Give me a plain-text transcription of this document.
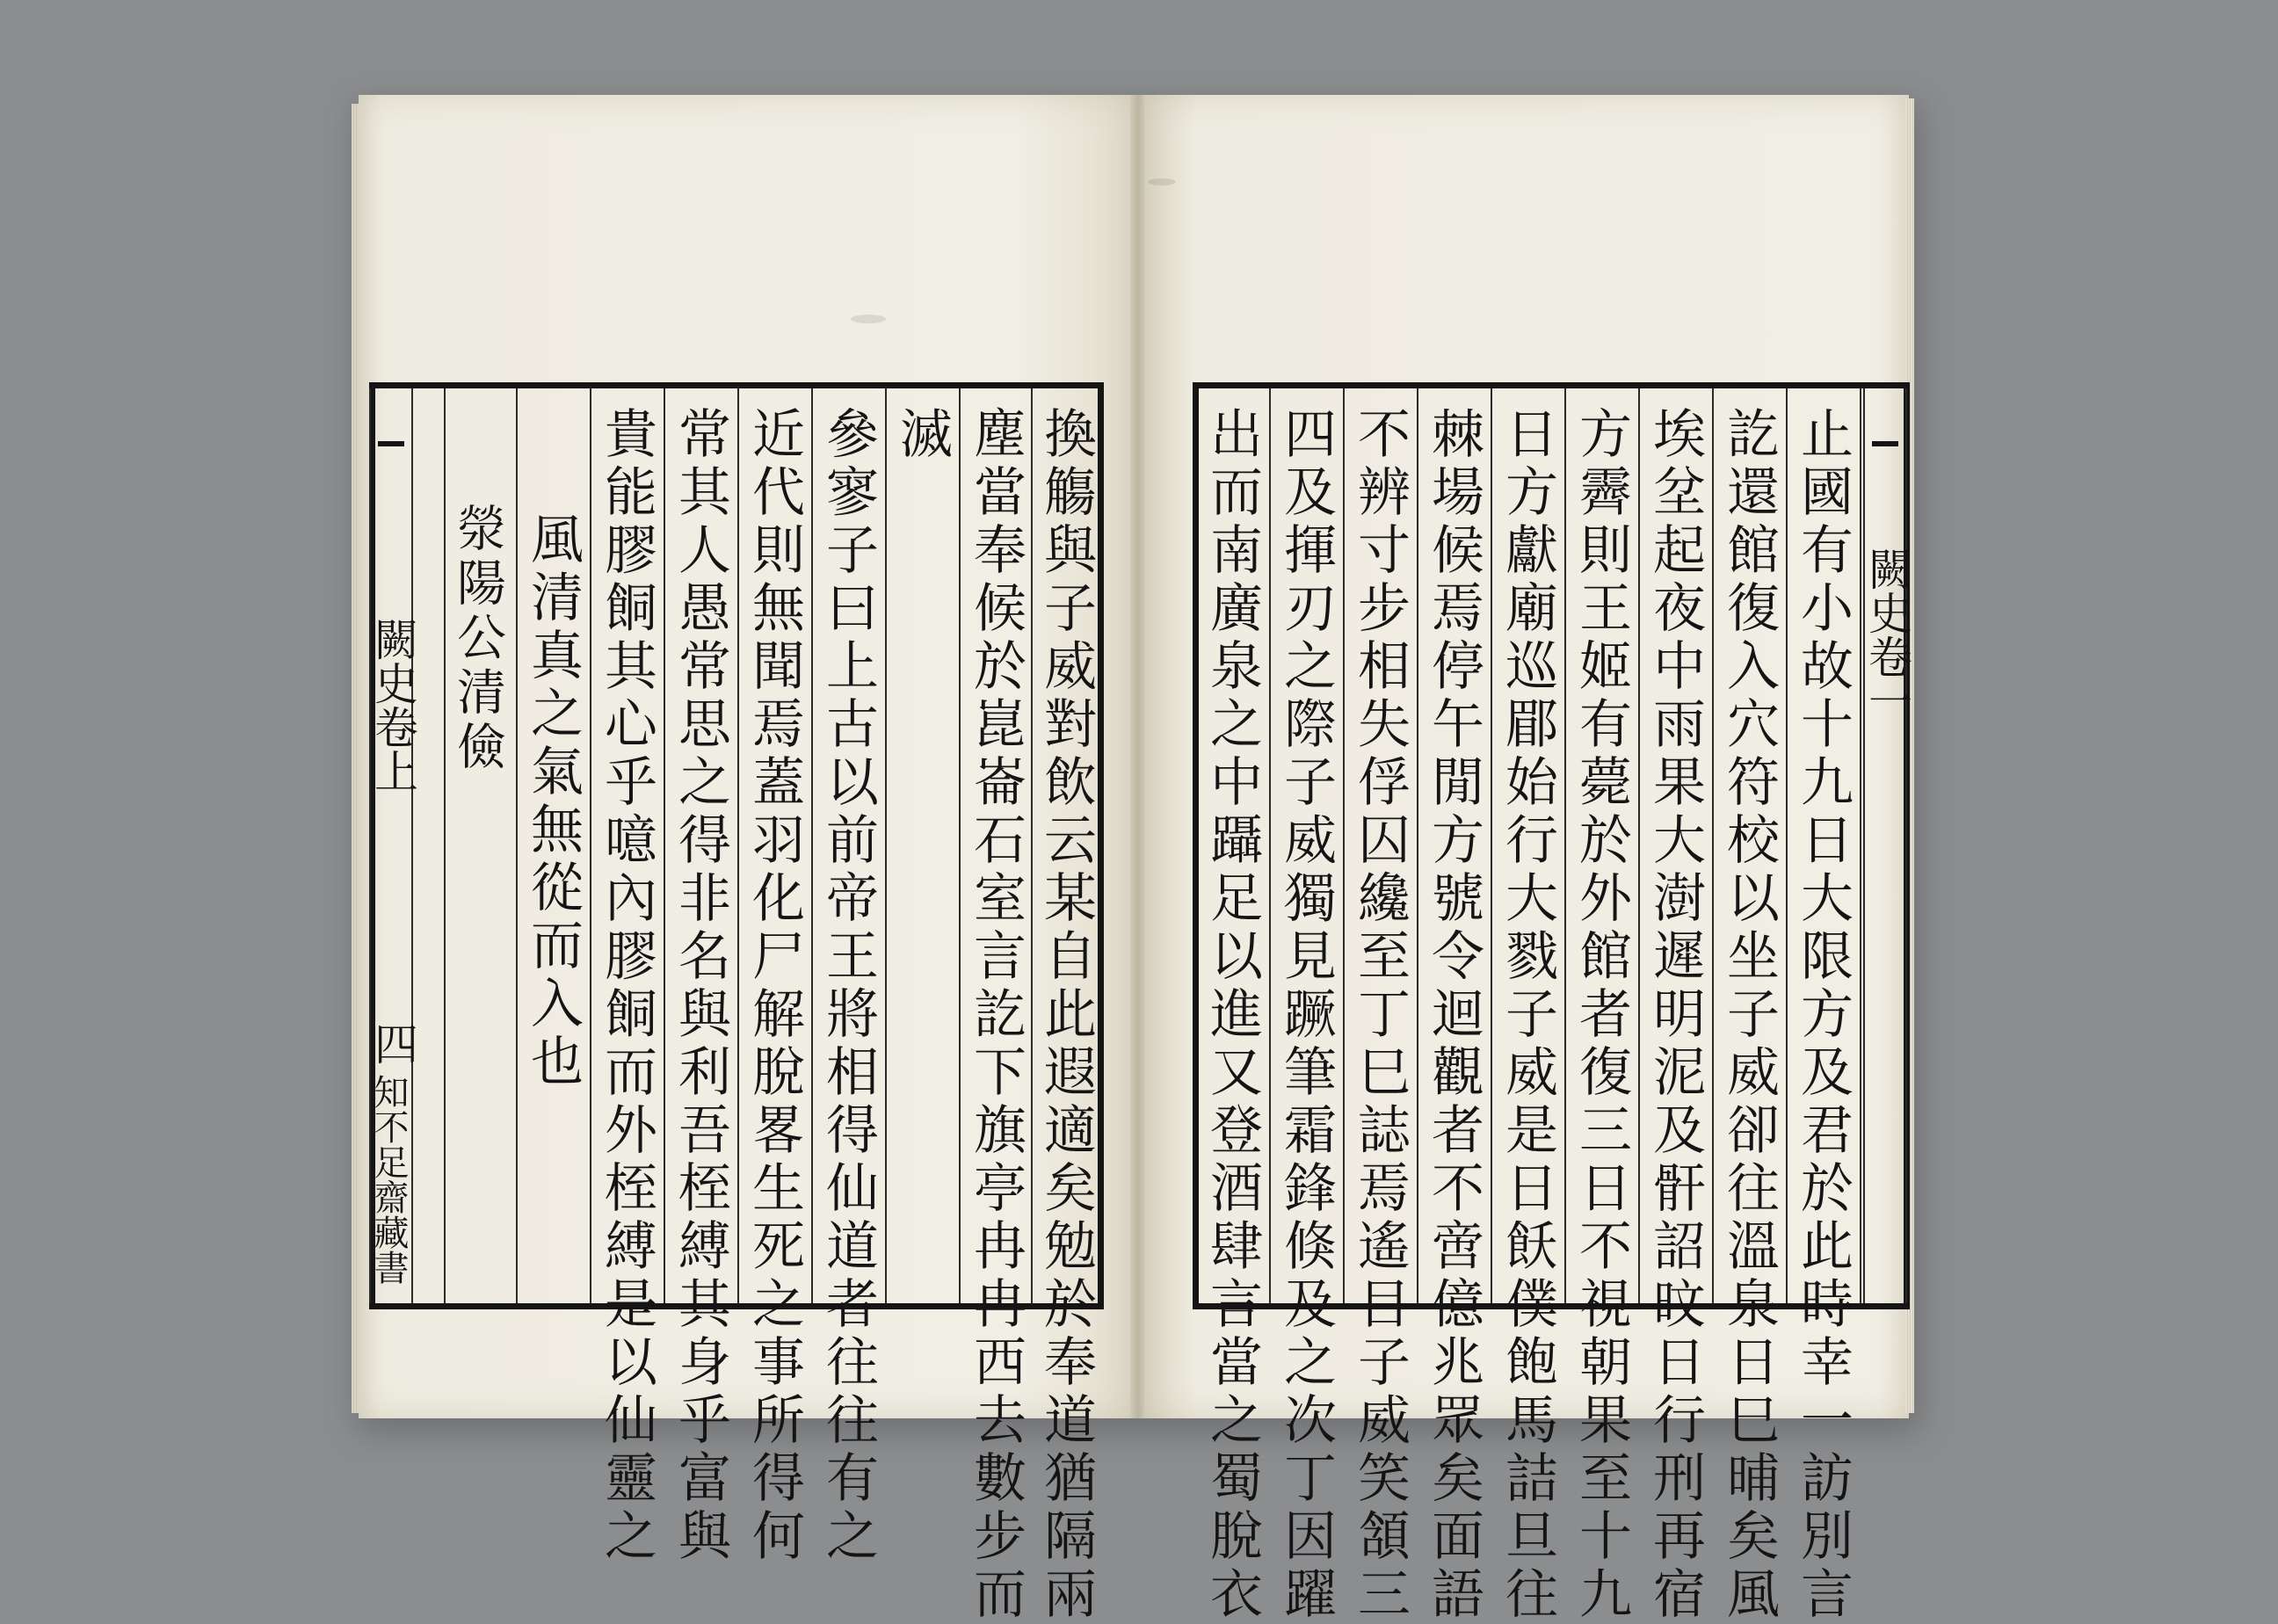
闕史卷上
四
知不足齋藏書
滎陽公清儉 風清真之氣無從而入也 貴能膠餇其心乎噫內膠餇而外桎縛是以仙靈之 常其人愚常思之得非名與利吾桎縛其身乎富與 近代則無聞焉蓋羽化尸解脫畧生死之事所得何 參寥子曰上古以前帝王將相得仙道者往往有之 滅 塵當奉候於崑崙石室言訖下旗亭冉冉西去數步而 換觴與子威對飲云某自此遐適矣勉於奉道猶隔兩 出而南廣泉之中躡足以進又登酒肆言當之蜀脫衣 四及揮刃之際子威獨見蹶筆霜鋒倏及之次丁因躍 不辨寸步相失俘囚纔至丁巳誌焉遙目子威笑頷三 棘場候焉停午閒方號令迴觀者不啻億兆眾矣面語 日方獻廟巡郿始行大戮子威是日飫僕飽馬詰旦往 方霽則王姬有薨於外館者復三日不視朝果至十九 埃坌起夜中雨果大澍遲明泥及骭詔旼日行刑再宿 訖還館復入穴符校以坐子威卻往溫泉日巳晡矣風 止國有小故十九日大限方及君於此時幸一訪別言 闕史卷一
